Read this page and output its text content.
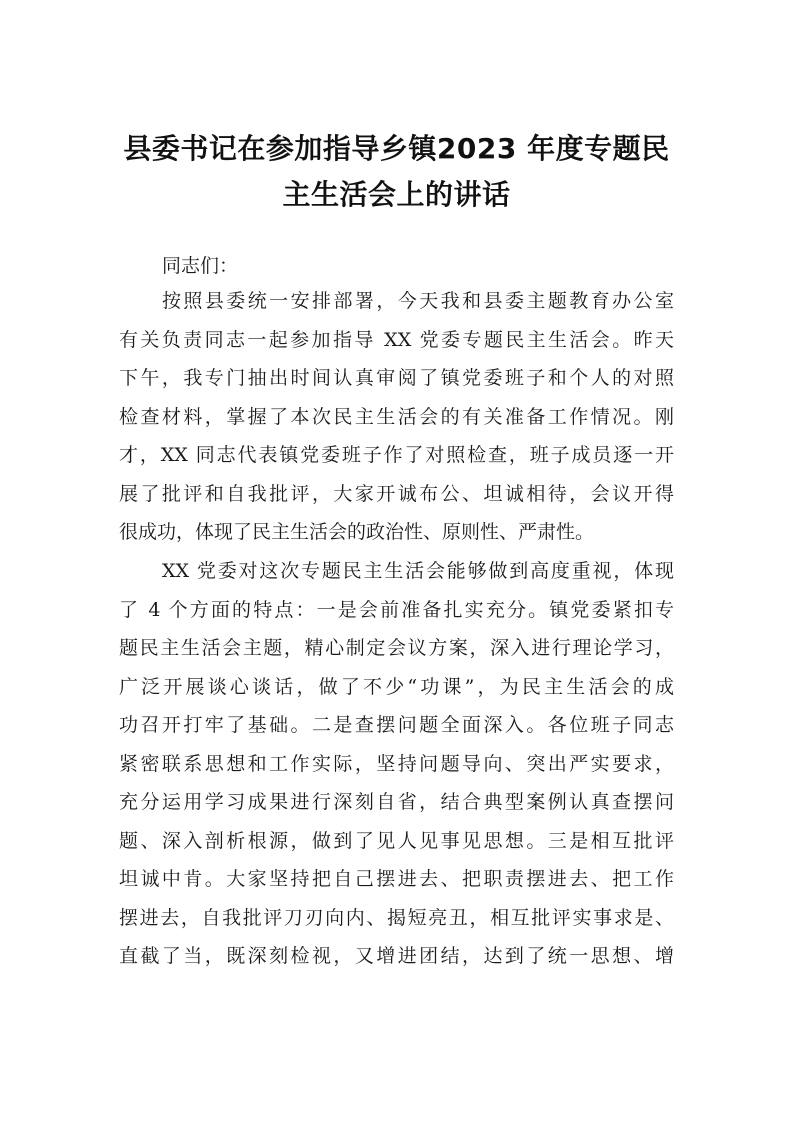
县委书记在参加指导乡镇2023 年度专题民
主生活会上的讲话

同志们：

按照县委统一安排部署，今天我和县委主题教育办公室
有关负责同志一起参加指导 XX 党委专题民主生活会。昨天
下午，我专门抽出时间认真审阅了镇党委班子和个人的对照
检查材料，掌握了本次民主生活会的有关准备工作情况。刚
才，XX 同志代表镇党委班子作了对照检查，班子成员逐一开
展了批评和自我批评，大家开诚布公、坦诚相待，会议开得
很成功，体现了民主生活会的政治性、原则性、严肃性。
XX 党委对这次专题民主生活会能够做到高度重视，体现
了 4 个方面的特点：一是会前准备扎实充分。镇党委紧扣专
题民主生活会主题，精心制定会议方案，深入进行理论学习，
广泛开展谈心谈话，做了不少“功课”，为民主生活会的成
功召开打牢了基础。二是查摆问题全面深入。各位班子同志
紧密联系思想和工作实际，坚持问题导向、突出严实要求，
充分运用学习成果进行深刻自省，结合典型案例认真查摆问
题、深入剖析根源，做到了见人见事见思想。三是相互批评
坦诚中肯。大家坚持把自己摆进去、把职责摆进去、把工作
摆进去，自我批评刀刃向内、揭短亮丑，相互批评实事求是、
直截了当，既深刻检视，又增进团结，达到了统一思想、增
